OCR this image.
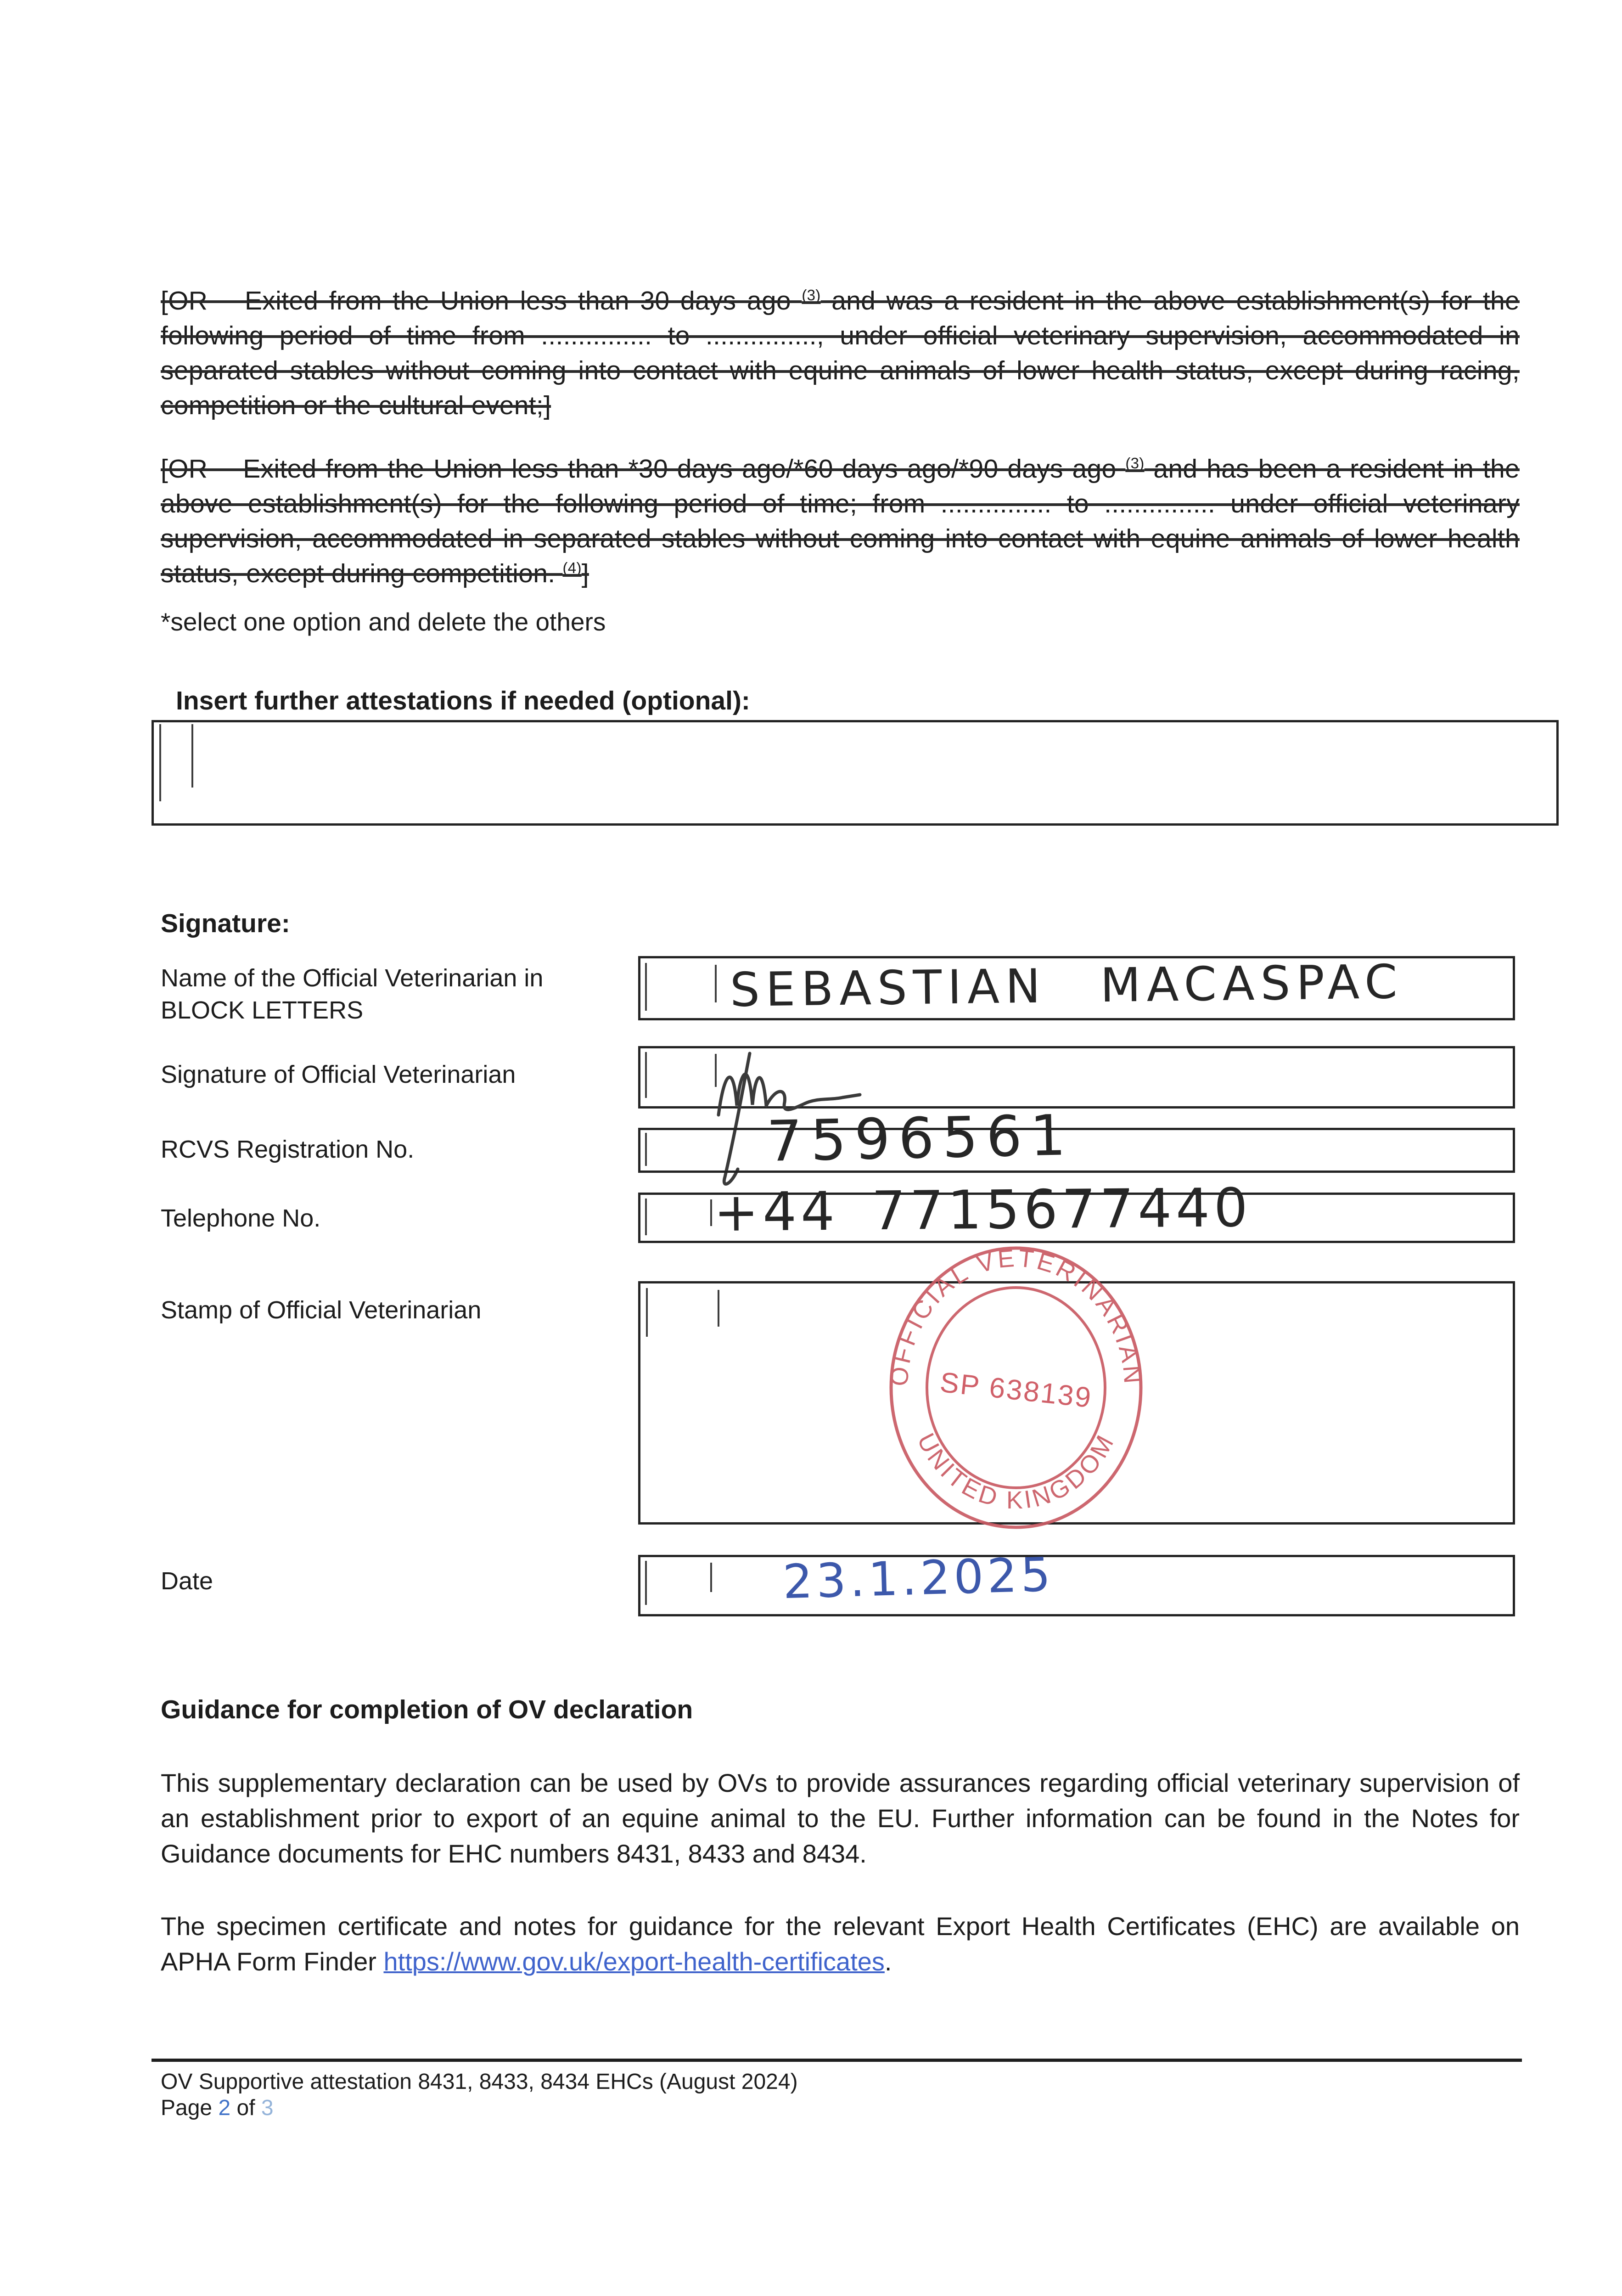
[OR  Exited from the Union less than 30 days ago $^{(3)}$ and was a resident in the above establishment(s) for the following period of time from ............... to ..............., under official veterinary supervision, accommodated in separated stables without coming into contact with equine animals of lower health status, except during racing, competition or the cultural event;]

[OR  Exited from the Union less than *30 days ago/*60 days ago/*90 days ago $^{(3)}$ and has been a resident in the above establishment(s) for the following period of time; from ............... to ............... under official veterinary supervision, accommodated in separated stables without coming into contact with equine animals of lower health status, except during competition. $^{(4)}$]

*select one option and delete the others
Insert further attestations if needed (optional):
Signature:
Name of the Official Veterinarian in BLOCK LETTERS	SEBASTIAN MACASPAC
Signature of Official Veterinarian
RCVS Registration No.	7596561
Telephone No.	+44 7715677440
Stamp of Official Veterinarian
OFFICIAL VETERINARIAN
UNITED KINGDOM
SP 638139
Date	23.1.2025
Guidance for completion of OV declaration

This supplementary declaration can be used by OVs to provide assurances regarding official veterinary supervision of an establishment prior to export of an equine animal to the EU. Further information can be found in the Notes for Guidance documents for EHC numbers 8431, 8433 and 8434.

The specimen certificate and notes for guidance for the relevant Export Health Certificates (EHC) are available on APHA Form Finder https://www.gov.uk/export-health-certificates.

OV Supportive attestation 8431, 8433, 8434 EHCs (August 2024)
Page 2 of 3
